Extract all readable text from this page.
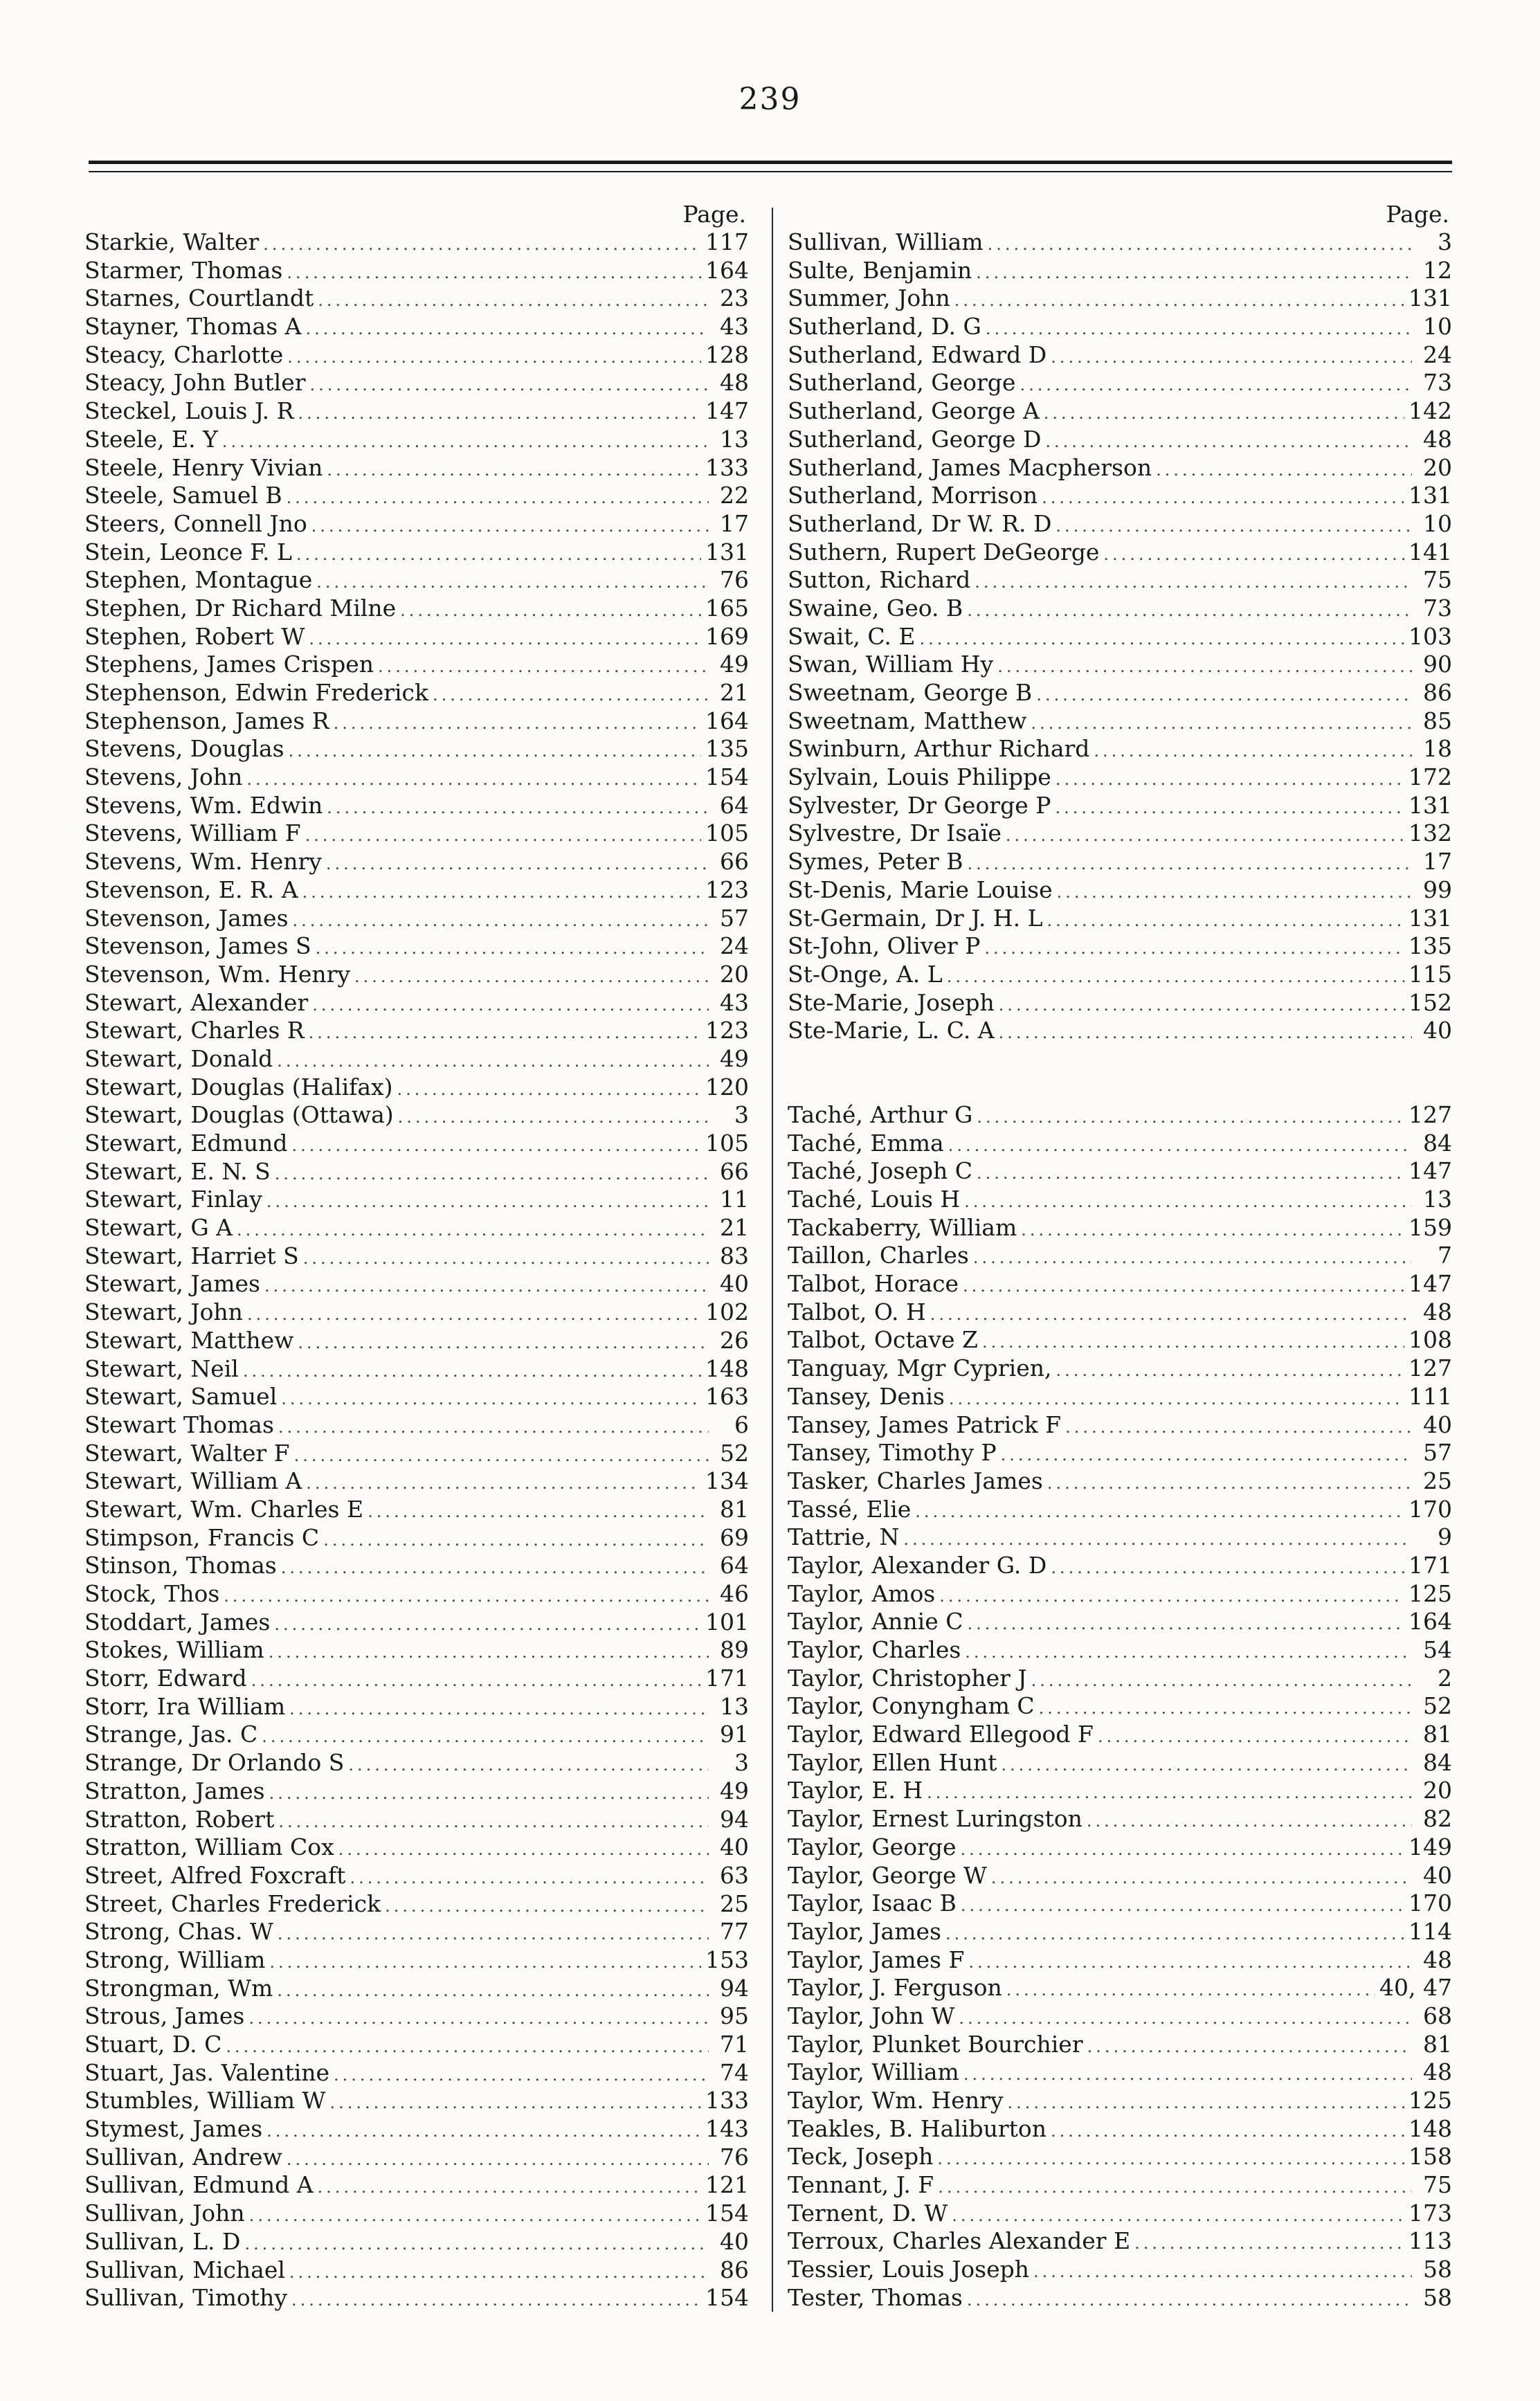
239
Page.
Starkie, Walter .....	117
Starmer, Thomas .....	164
Starnes, Courtlandt .....	23
Stayner, Thomas A .....	43
Steacy, Charlotte .....	128
Steacy, John Butler .....	48
Steckel, Louis J. R .....	147
Steele, E. Y .....	13
Steele, Henry Vivian .....	133
Steele, Samuel B .....	22
Steers, Connell Jno .....	17
Stein, Leonce F. L .....	131
Stephen, Montague .....	76
Stephen, Dr Richard Milne .....	165
Stephen, Robert W .....	169
Stephens, James Crispen .....	49
Stephenson, Edwin Frederick .....	21
Stephenson, James R .....	164
Stevens, Douglas .....	135
Stevens, John .....	154
Stevens, Wm. Edwin .....	64
Stevens, William F .....	105
Stevens, Wm. Henry .....	66
Stevenson, E. R. A .....	123
Stevenson, James .....	57
Stevenson, James S .....	24
Stevenson, Wm. Henry .....	20
Stewart, Alexander .....	43
Stewart, Charles R .....	123
Stewart, Donald .....	49
Stewart, Douglas (Halifax) .....	120
Stewart, Douglas (Ottawa) .....	3
Stewart, Edmund .....	105
Stewart, E. N. S .....	66
Stewart, Finlay .....	11
Stewart, G A .....	21
Stewart, Harriet S .....	83
Stewart, James .....	40
Stewart, John .....	102
Stewart, Matthew .....	26
Stewart, Neil .....	148
Stewart, Samuel .....	163
Stewart Thomas .....	6
Stewart, Walter F .....	52
Stewart, William A .....	134
Stewart, Wm. Charles E .....	81
Stimpson, Francis C .....	69
Stinson, Thomas .....	64
Stock, Thos .....	46
Stoddart, James .....	101
Stokes, William .....	89
Storr, Edward .....	171
Storr, Ira William .....	13
Strange, Jas. C .....	91
Strange, Dr Orlando S .....	3
Stratton, James .....	49
Stratton, Robert .....	94
Stratton, William Cox .....	40
Street, Alfred Foxcraft .....	63
Street, Charles Frederick .....	25
Strong, Chas. W .....	77
Strong, William .....	153
Strongman, Wm .....	94
Strous, James .....	95
Stuart, D. C .....	71
Stuart, Jas. Valentine .....	74
Stumbles, William W .....	133
Stymest, James .....	143
Sullivan, Andrew .....	76
Sullivan, Edmund A .....	121
Sullivan, John .....	154
Sullivan, L. D .....	40
Sullivan, Michael .....	86
Sullivan, Timothy .....	154
Page.
Sullivan, William .....	3
Sulte, Benjamin .....	12
Summer, John .....	131
Sutherland, D. G .....	10
Sutherland, Edward D .....	24
Sutherland, George .....	73
Sutherland, George A .....	142
Sutherland, George D .....	48
Sutherland, James Macpherson .....	20
Sutherland, Morrison .....	131
Sutherland, Dr W. R. D .....	10
Suthern, Rupert DeGeorge .....	141
Sutton, Richard .....	75
Swaine, Geo. B .....	73
Swait, C. E .....	103
Swan, William Hy .....	90
Sweetnam, George B .....	86
Sweetnam, Matthew .....	85
Swinburn, Arthur Richard .....	18
Sylvain, Louis Philippe .....	172
Sylvester, Dr George P .....	131
Sylvestre, Dr Isaïe .....	132
Symes, Peter B .....	17
St-Denis, Marie Louise .....	99
St-Germain, Dr J. H. L .....	131
St-John, Oliver P .....	135
St-Onge, A. L .....	115
Ste-Marie, Joseph .....	152
Ste-Marie, L. C. A .....	40
Taché, Arthur G .....	127
Taché, Emma .....	84
Taché, Joseph C .....	147
Taché, Louis H .....	13
Tackaberry, William .....	159
Taillon, Charles .....	7
Talbot, Horace .....	147
Talbot, O. H .....	48
Talbot, Octave Z .....	108
Tanguay, Mgr Cyprien, .....	127
Tansey, Denis .....	111
Tansey, James Patrick F .....	40
Tansey, Timothy P .....	57
Tasker, Charles James .....	25
Tassé, Elie .....	170
Tattrie, N .....	9
Taylor, Alexander G. D .....	171
Taylor, Amos .....	125
Taylor, Annie C .....	164
Taylor, Charles .....	54
Taylor, Christopher J .....	2
Taylor, Conyngham C .....	52
Taylor, Edward Ellegood F .....	81
Taylor, Ellen Hunt .....	84
Taylor, E. H .....	20
Taylor, Ernest Luringston .....	82
Taylor, George .....	149
Taylor, George W .....	40
Taylor, Isaac B .....	170
Taylor, James .....	114
Taylor, James F .....	48
Taylor, J. Ferguson .....	40, 47
Taylor, John W .....	68
Taylor, Plunket Bourchier .....	81
Taylor, William .....	48
Taylor, Wm. Henry .....	125
Teakles, B. Haliburton .....	148
Teck, Joseph .....	158
Tennant, J. F .....	75
Ternent, D. W .....	173
Terroux, Charles Alexander E .....	113
Tessier, Louis Joseph .....	58
Tester, Thomas .....	58
